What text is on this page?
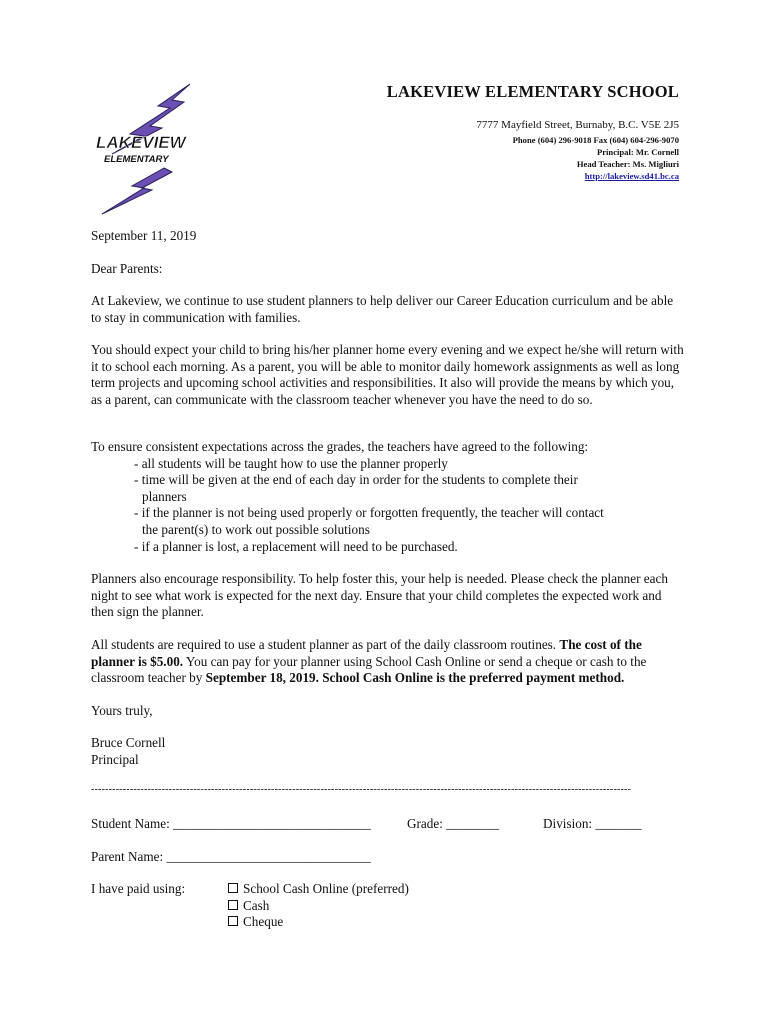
LAKEVIEW
ELEMENTARY
LAKEVIEW ELEMENTARY SCHOOL
7777 Mayfield Street, Burnaby, B.C. V5E 2J5
Phone (604) 296-9018 Fax (604) 604-296-9070
Principal: Mr. Cornell
Head Teacher: Ms. Migliuri
http://lakeview.sd41.bc.ca
September 11, 2019
Dear Parents:
At Lakeview, we continue to use student planners to help deliver our Career Education curriculum and be able to stay in communication with families.
You should expect your child to bring his/her planner home every evening and we expect he/she will return with it to school each morning. As a parent, you will be able to monitor daily homework assignments as well as long term projects and upcoming school activities and responsibilities. It also will provide the means by which you, as a parent, can communicate with the classroom teacher whenever you have the need to do so.
To ensure consistent expectations across the grades, the teachers have agreed to the following:
- all students will be taught how to use the planner properly
- time will be given at the end of each day in order for the students to complete their
planners
- if the planner is not being used properly or forgotten frequently, the teacher will contact
the parent(s) to work out possible solutions
- if a planner is lost, a replacement will need to be purchased.
Planners also encourage responsibility. To help foster this, your help is needed. Please check the planner each night to see what work is expected for the next day. Ensure that your child completes the expected work and then sign the planner.
All students are required to use a student planner as part of the daily classroom routines. The cost of the planner is $5.00. You can pay for your planner using School Cash Online or send a cheque or cash to the classroom teacher by September 18, 2019. School Cash Online is the preferred payment method.
Yours truly,
Bruce Cornell
Principal
---------------------------------------------------------------------------------------------------------------------------------------------------------
Student Name: ______________________________	Grade: ________	Division: _______
Parent Name: _______________________________
I have paid using:	School Cash Online (preferred)
Cash
Cheque
